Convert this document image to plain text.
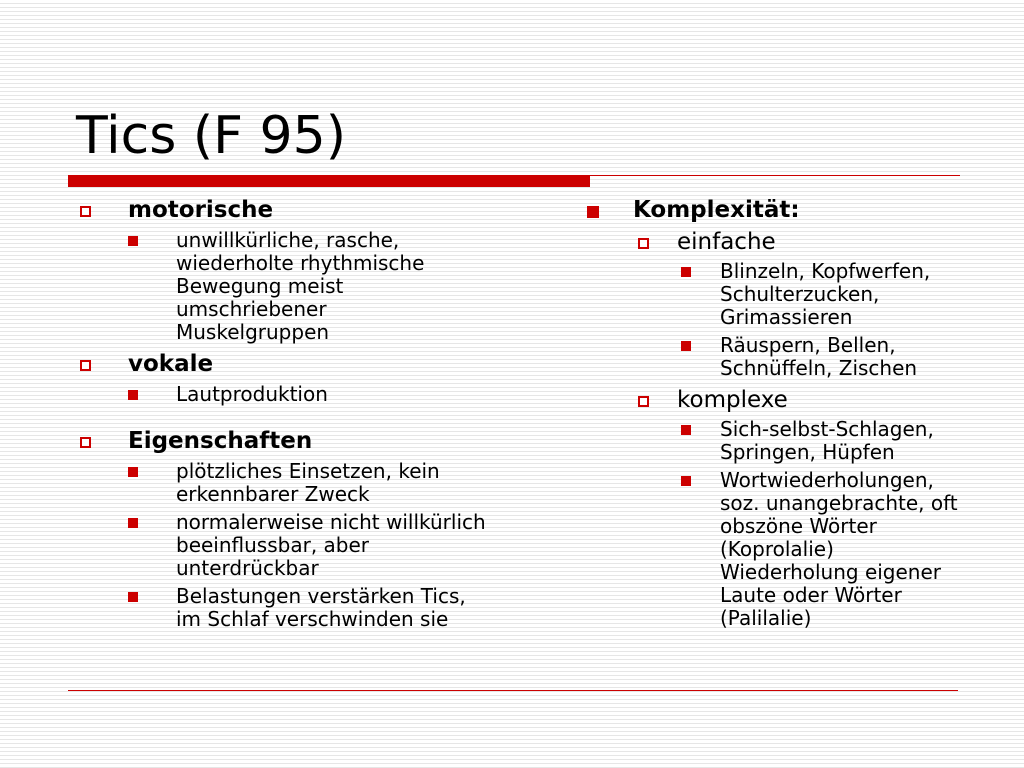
Tics (F 95)
motorische
unwillkürliche, rasche, wiederholte rhythmische Bewegung meist umschriebener Muskelgruppen
vokale
Lautproduktion
Eigenschaften
plötzliches Einsetzen, kein erkennbarer Zweck
normalerweise nicht willkürlich beeinflussbar, aber unterdrückbar
Belastungen verstärken Tics, im Schlaf verschwinden sie
Komplexität:
einfache
Blinzeln, Kopfwerfen, Schulterzucken, Grimassieren
Räuspern, Bellen, Schnüffeln, Zischen
komplexe
Sich-selbst-Schlagen, Springen, Hüpfen
Wortwiederholungen, soz. unangebrachte, oft obszöne Wörter (Koprolalie) Wiederholung eigener Laute oder Wörter (Palilalie)
